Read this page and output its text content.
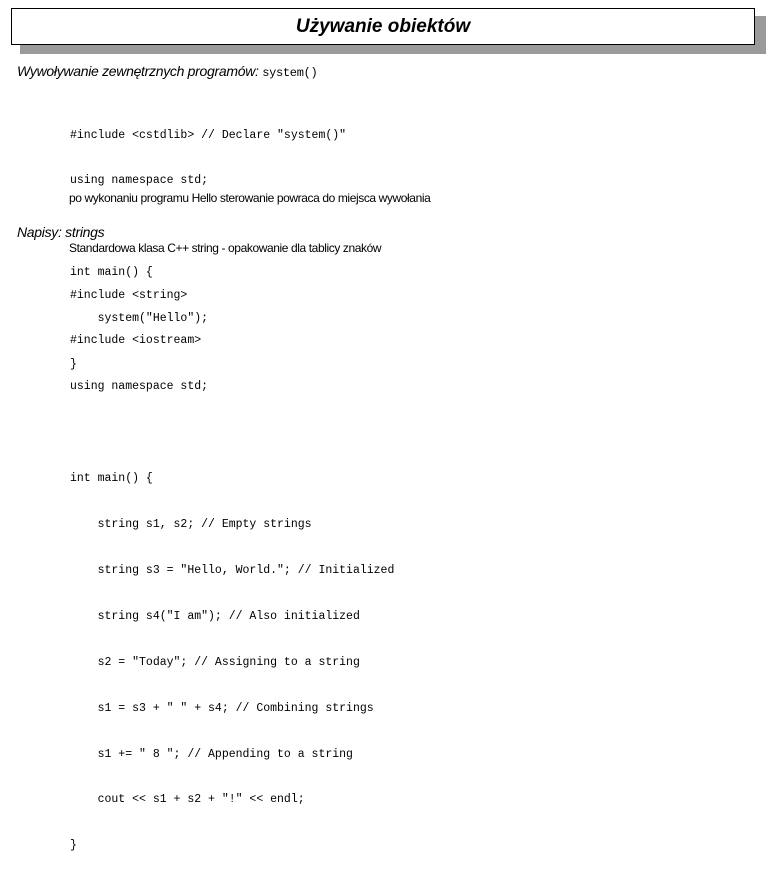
Używanie obiektów
Wywoływanie zewnętrznych programów: system()

#include <cstdlib> // Declare "system()"

using namespace std;

int main() {

system("Hello");

}

po wykonaniu programu Hello sterowanie powraca do miejsca wywołania
Napisy: strings
Standardowa klasa C++ string - opakowanie dla tablicy znaków

#include <string>

#include <iostream>

using namespace std;

int main() {

string s1, s2; // Empty strings

string s3 = "Hello, World."; // Initialized

string s4("I am"); // Also initialized

s2 = "Today"; // Assigning to a string

s1 = s3 + " " + s4; // Combining strings

s1 += " 8 "; // Appending to a string

cout << s1 + s2 + "!" << endl;

}
